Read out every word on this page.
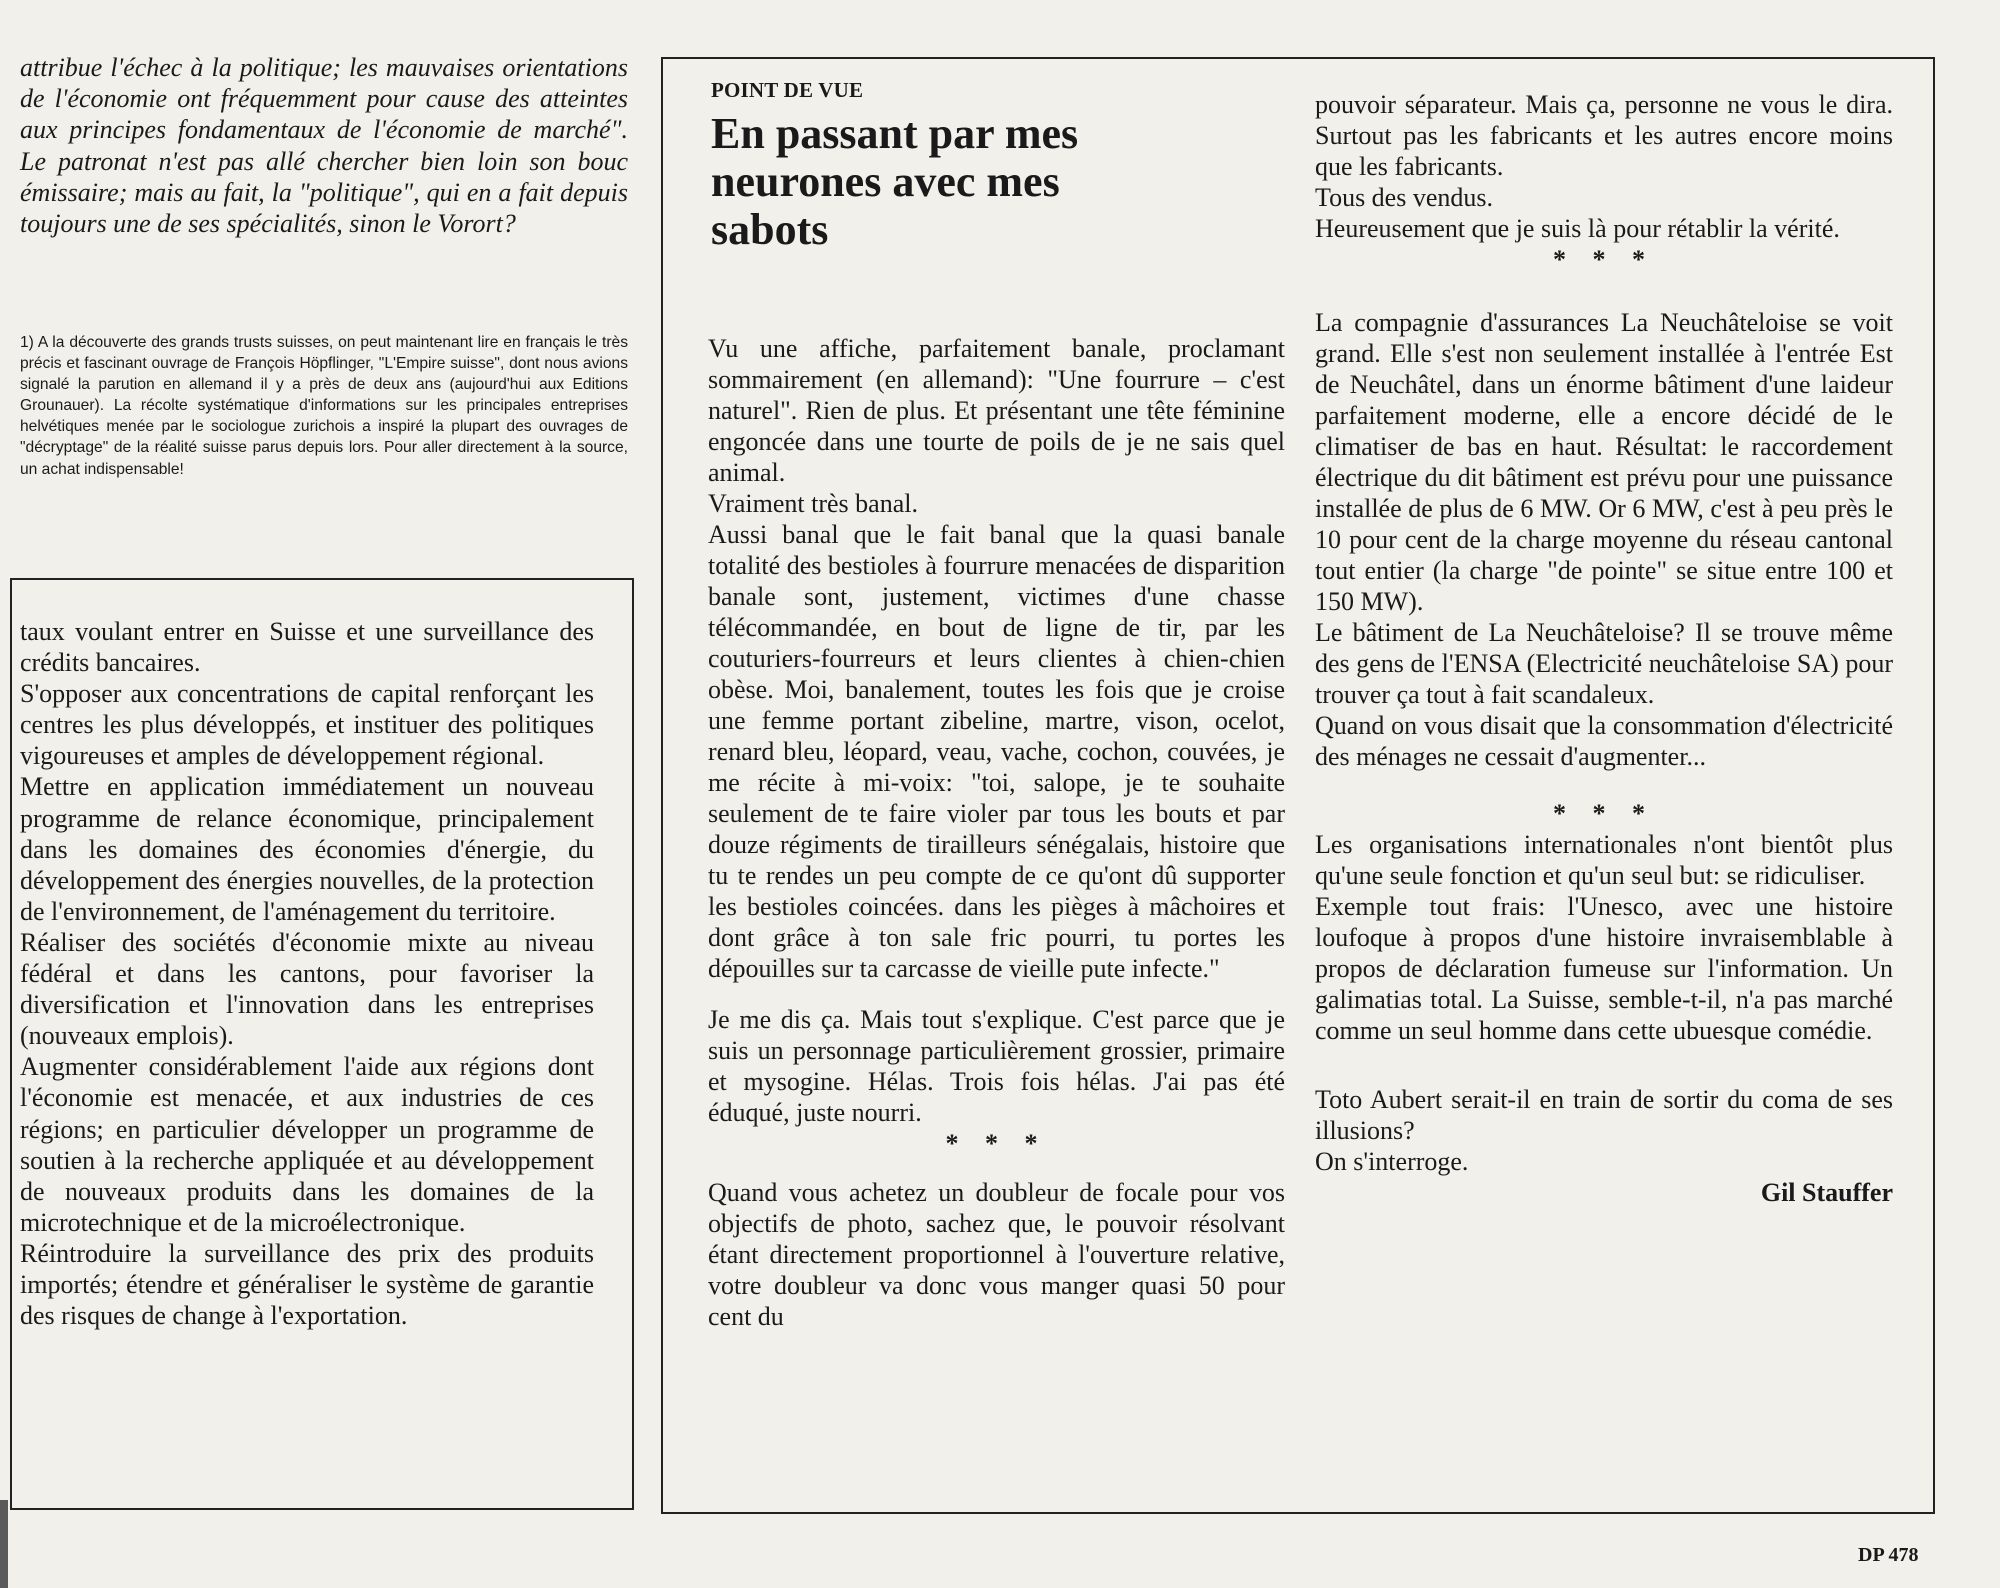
attribue l'échec à la politique; les mauvaises orientations de l'économie ont fréquemment pour cause des atteintes aux principes fondamentaux de l'économie de marché". Le patronat n'est pas allé chercher bien loin son bouc émissaire; mais au fait, la "politique", qui en a fait depuis toujours une de ses spécialités, sinon le Vorort?

1) A la découverte des grands trusts suisses, on peut maintenant lire en français le très précis et fascinant ouvrage de François Höpflinger, "L'Empire suisse", dont nous avions signalé la parution en allemand il y a près de deux ans (aujourd'hui aux Editions Grounauer). La récolte systématique d'informations sur les principales entreprises helvétiques menée par le sociologue zurichois a inspiré la plupart des ouvrages de "décryptage" de la réalité suisse parus depuis lors. Pour aller directement à la source, un achat indispensable!

taux voulant entrer en Suisse et une surveillance des crédits bancaires.

S'opposer aux concentrations de capital renforçant les centres les plus développés, et instituer des politiques vigoureuses et amples de développement régional.

Mettre en application immédiatement un nouveau programme de relance économique, principalement dans les domaines des économies d'énergie, du développement des énergies nouvelles, de la protection de l'environnement, de l'aménagement du territoire.

Réaliser des sociétés d'économie mixte au niveau fédéral et dans les cantons, pour favoriser la diversification et l'innovation dans les entreprises (nouveaux emplois).

Augmenter considérablement l'aide aux régions dont l'économie est menacée, et aux industries de ces régions; en particulier développer un programme de soutien à la recherche appliquée et au développement de nouveaux produits dans les domaines de la microtechnique et de la microélectronique.

Réintroduire la surveillance des prix des produits importés; étendre et généraliser le système de garantie des risques de change à l'exportation.

POINT DE VUE
En passant par mes neurones avec mes sabots

Vu une affiche, parfaitement banale, proclamant sommairement (en allemand): "Une fourrure – c'est naturel". Rien de plus. Et présentant une tête féminine engoncée dans une tourte de poils de je ne sais quel animal.

Vraiment très banal.

Aussi banal que le fait banal que la quasi banale totalité des bestioles à fourrure menacées de disparition banale sont, justement, victimes d'une chasse télécommandée, en bout de ligne de tir, par les couturiers-fourreurs et leurs clientes à chien-chien obèse. Moi, banalement, toutes les fois que je croise une femme portant zibeline, martre, vison, ocelot, renard bleu, léopard, veau, vache, cochon, couvées, je me récite à mi-voix: "toi, salope, je te souhaite seulement de te faire violer par tous les bouts et par douze régiments de tirailleurs sénégalais, histoire que tu te rendes un peu compte de ce qu'ont dû supporter les bestioles coincées. dans les pièges à mâchoires et dont grâce à ton sale fric pourri, tu portes les dépouilles sur ta carcasse de vieille pute infecte."

Je me dis ça. Mais tout s'explique. C'est parce que je suis un personnage particulièrement grossier, primaire et mysogine. Hélas. Trois fois hélas. J'ai pas été éduqué, juste nourri.

* * *

Quand vous achetez un doubleur de focale pour vos objectifs de photo, sachez que, le pouvoir résolvant étant directement proportionnel à l'ouverture relative, votre doubleur va donc vous manger quasi 50 pour cent du

pouvoir séparateur. Mais ça, personne ne vous le dira. Surtout pas les fabricants et les autres encore moins que les fabricants.

Tous des vendus.

Heureusement que je suis là pour rétablir la vérité.

* * *

La compagnie d'assurances La Neuchâteloise se voit grand. Elle s'est non seulement installée à l'entrée Est de Neuchâtel, dans un énorme bâtiment d'une laideur parfaitement moderne, elle a encore décidé de le climatiser de bas en haut. Résultat: le raccordement électrique du dit bâtiment est prévu pour une puissance installée de plus de 6 MW. Or 6 MW, c'est à peu près le 10 pour cent de la charge moyenne du réseau cantonal tout entier (la charge "de pointe" se situe entre 100 et 150 MW).

Le bâtiment de La Neuchâteloise? Il se trouve même des gens de l'ENSA (Electricité neuchâteloise SA) pour trouver ça tout à fait scandaleux.

Quand on vous disait que la consommation d'électricité des ménages ne cessait d'augmenter...

* * *

Les organisations internationales n'ont bientôt plus qu'une seule fonction et qu'un seul but: se ridiculiser.

Exemple tout frais: l'Unesco, avec une histoire loufoque à propos d'une histoire invraisemblable à propos de déclaration fumeuse sur l'information. Un galimatias total. La Suisse, semble-t-il, n'a pas marché comme un seul homme dans cette ubuesque comédie.

Toto Aubert serait-il en train de sortir du coma de ses illusions?

On s'interroge.

Gil Stauffer

DP 478
